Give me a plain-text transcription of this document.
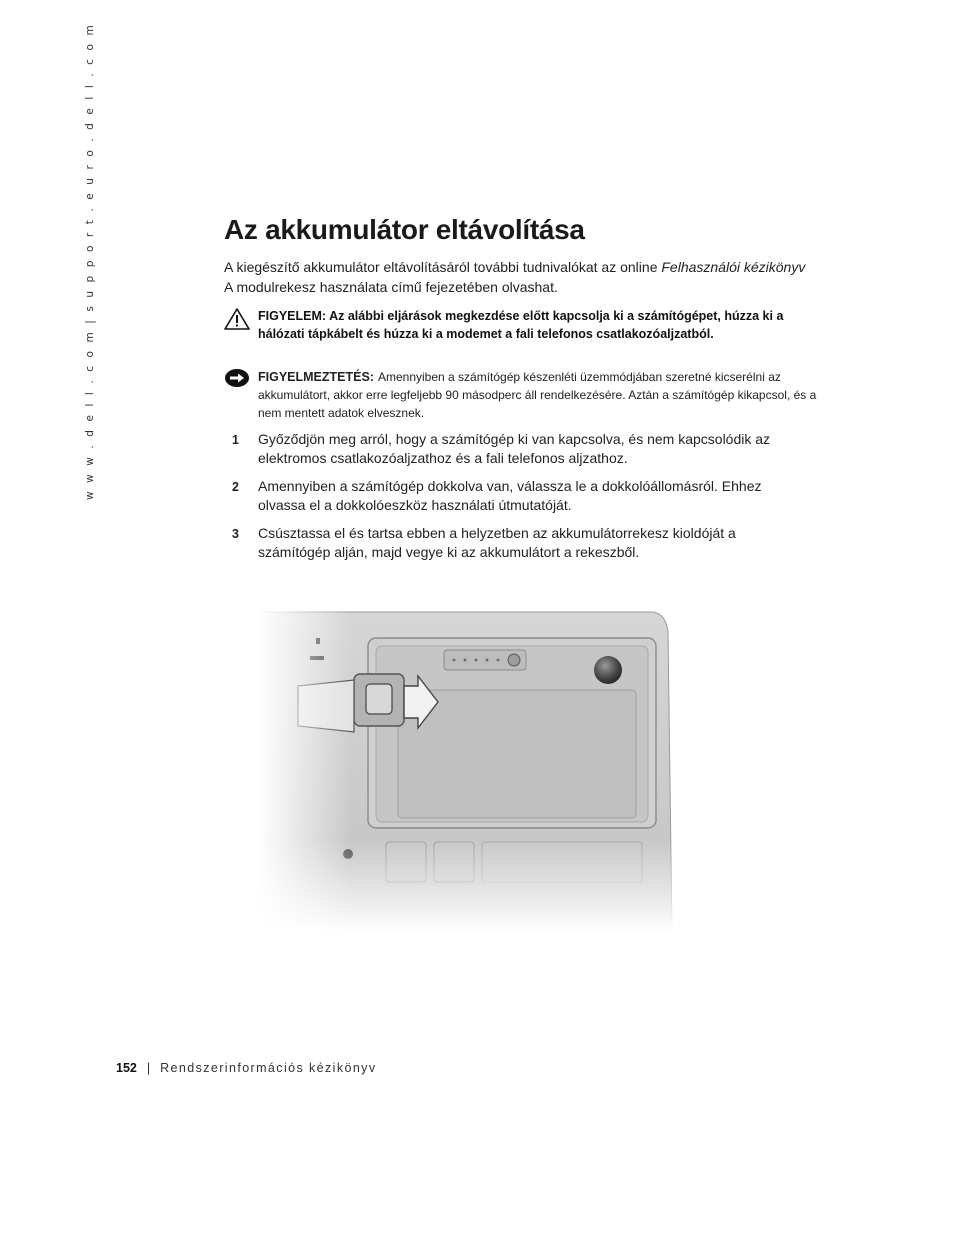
w w w . d e l l . c o m | s u p p o r t . e u r o . d e l l . c o m	Az akkumulátor eltávolítása

A kiegészítő akkumulátor eltávolításáról további tudnivalókat az online Felhasználói kézikönyv A modulrekesz használata című fejezetében olvashat.

FIGYELEM: Az alábbi eljárások megkezdése előtt kapcsolja ki a számítógépet, húzza ki a hálózati tápkábelt és húzza ki a modemet a fali telefonos csatlakozóaljzatból.
FIGYELMEZTETÉS: Amennyiben a számítógép készenléti üzemmódjában szeretné kicserélni az akkumulátort, akkor erre legfeljebb 90 másodperc áll rendelkezésére. Aztán a számítógép kikapcsol, és a nem mentett adatok elvesznek.
1 Győződjön meg arról, hogy a számítógép ki van kapcsolva, és nem kapcsolódik az elektromos csatlakozóaljzathoz és a fali telefonos aljzathoz.
2 Amennyiben a számítógép dokkolva van, válassza le a dokkolóállomásról. Ehhez olvassa el a dokkolóeszköz használati útmutatóját.
3 Csúsztassa el és tartsa ebben a helyzetben az akkumulátorrekesz kioldóját a számítógép alján, majd vegye ki az akkumulátort a rekeszből.
152 | Rendszerinformációs kézikönyv
